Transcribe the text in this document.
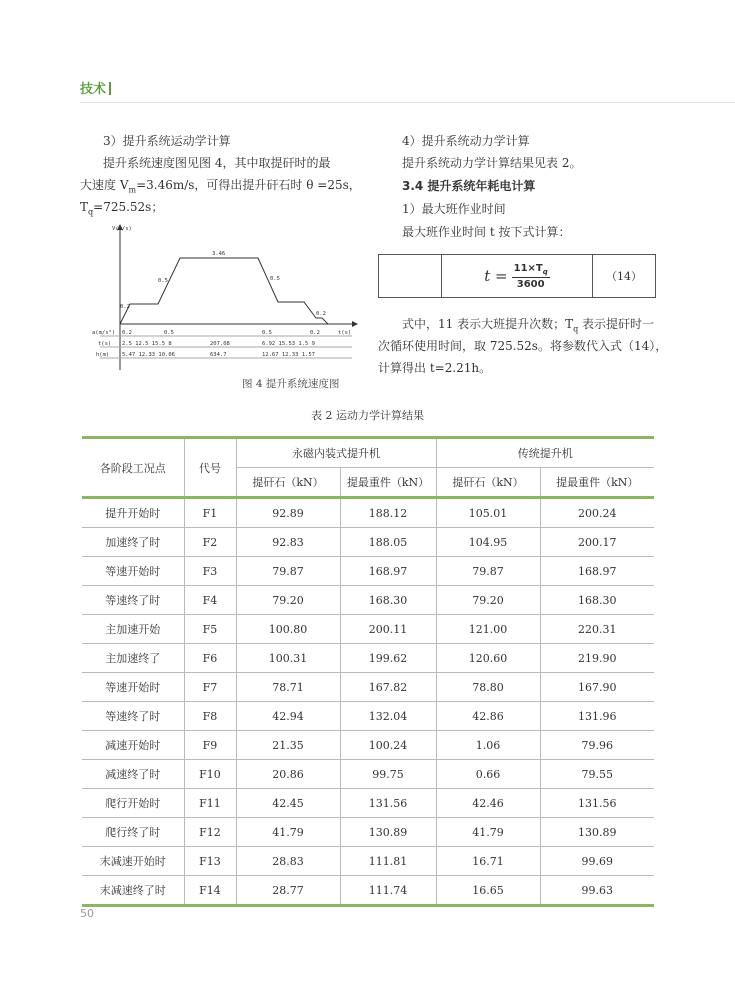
技术
3）提升系统运动学计算
提升系统速度图见图 4，其中取提矸时的最
大速度 $V_m=3.46m/s$，可得出提升矸石时 θ =25s，
$T_q=725.52s$；
V(m/s)
t(s)
3.46
0.5	0.5
0.2
0.2
a(m/s²)
t(s)
h(m)
0.2	0.5	0.5	0.2
2.5 12.5 15.5 8	207.08	6.92 15.53 1.5 9
5.47 12.33 10.06	634.7	12.67 12.33 1.57
图 4 提升系统速度图
4）提升系统动力学计算
提升系统动力学计算结果见表 2。
3.4 提升系统年耗电计算
1）最大班作业时间
最大班作业时间 t 按下式计算：
$t = \frac{11\times T_q}{3600}$	（14）
式中，11 表示大班提升次数；$T_q$ 表示提矸时一
次循环使用时间，取 725.52s。将参数代入式（14），
计算得出 t=2.21h。
表 2 运动力学计算结果
各阶段工况点	代号	永磁内装式提升机		传统提升机	
		提矸石（kN）	提最重件（kN）	提矸石（kN）	提最重件（kN）
提升开始时	F1	92.89	188.12	105.01	200.24
加速终了时	F2	92.83	188.05	104.95	200.17
等速开始时	F3	79.87	168.97	79.87	168.97
等速终了时	F4	79.20	168.30	79.20	168.30
主加速开始	F5	100.80	200.11	121.00	220.31
主加速终了	F6	100.31	199.62	120.60	219.90
等速开始时	F7	78.71	167.82	78.80	167.90
等速终了时	F8	42.94	132.04	42.86	131.96
减速开始时	F9	21.35	100.24	1.06	79.96
减速终了时	F10	20.86	99.75	0.66	79.55
爬行开始时	F11	42.45	131.56	42.46	131.56
爬行终了时	F12	41.79	130.89	41.79	130.89
末减速开始时	F13	28.83	111.81	16.71	99.69
末减速终了时	F14	28.77	111.74	16.65	99.63
50
